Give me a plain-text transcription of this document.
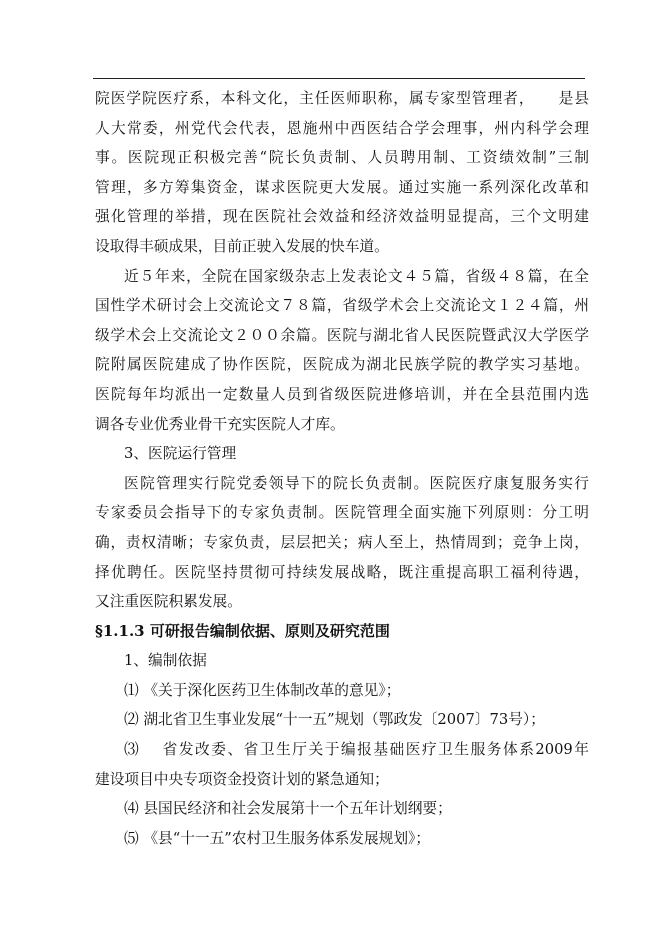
院医学院医疗系，本科文化，主任医师职称，属专家型管理者，　　是县
人大常委，州党代会代表，恩施州中西医结合学会理事，州内科学会理
事。医院现正积极完善“院长负责制、人员聘用制、工资绩效制”三制
管理，多方筹集资金，谋求医院更大发展。通过实施一系列深化改革和
强化管理的举措，现在医院社会效益和经济效益明显提高，三个文明建
设取得丰硕成果，目前正驶入发展的快车道。
近５年来，全院在国家级杂志上发表论文４５篇，省级４８篇，在全
国性学术研讨会上交流论文７８篇，省级学术会上交流论文１２４篇，州
级学术会上交流论文２００余篇。医院与湖北省人民医院暨武汉大学医学
院附属医院建成了协作医院，医院成为湖北民族学院的教学实习基地。
医院每年均派出一定数量人员到省级医院进修培训，并在全县范围内选
调各专业优秀业骨干充实医院人才库。
3、医院运行管理
医院管理实行院党委领导下的院长负责制。医院医疗康复服务实行
专家委员会指导下的专家负责制。医院管理全面实施下列原则：分工明
确，责权清晰；专家负责，层层把关；病人至上，热情周到；竞争上岗，
择优聘任。医院坚持贯彻可持续发展战略，既注重提高职工福利待遇，
又注重医院积累发展。
§1.1.3 可研报告编制依据、原则及研究范围
1、编制依据
⑴ 《关于深化医药卫生体制改革的意见》；
⑵ 湖北省卫生事业发展“十一五”规划（鄂政发〔2007〕73号）；
⑶　 省发改委、省卫生厅关于编报基础医疗卫生服务体系2009年
建设项目中央专项资金投资计划的紧急通知；
⑷ 县国民经济和社会发展第十一个五年计划纲要；
⑸ 《县“十一五”农村卫生服务体系发展规划》；
